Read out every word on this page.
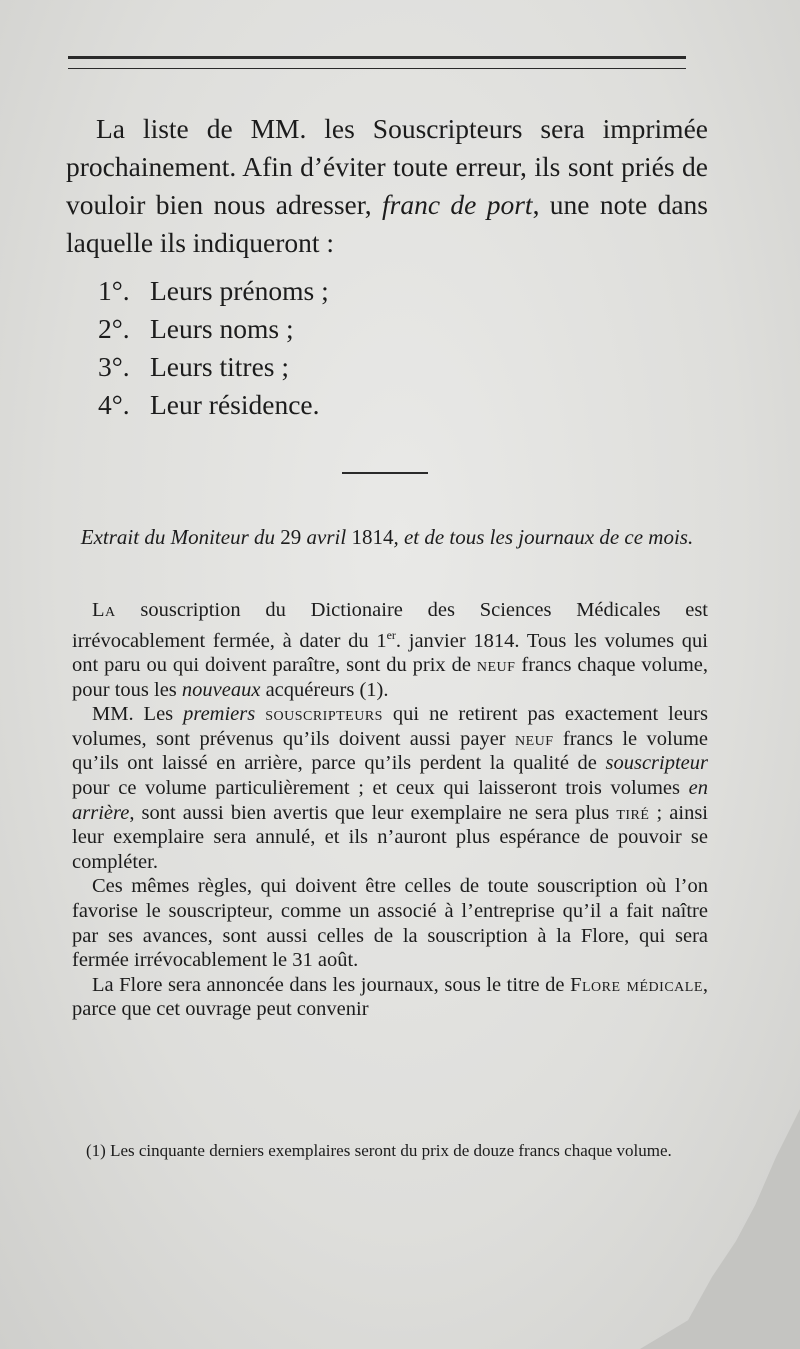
La liste de MM. les Souscripteurs sera imprimée prochainement. Afin d’éviter toute erreur, ils sont priés de vouloir bien nous adresser, franc de port, une note dans laquelle ils indiqueront :

1°. Leurs prénoms ;
2°. Leurs noms ;
3°. Leurs titres ;
4°. Leur résidence.
Extrait du Moniteur du 29 avril 1814, et de tous les journaux de ce mois.

La souscription du Dictionaire des Sciences Médicales est irrévocablement fermée, à dater du 1er. janvier 1814. Tous les volumes qui ont paru ou qui doivent paraître, sont du prix de neuf francs chaque volume, pour tous les nouveaux acquéreurs (1).

MM. Les premiers souscripteurs qui ne retirent pas exactement leurs volumes, sont prévenus qu’ils doivent aussi payer neuf francs le volume qu’ils ont laissé en arrière, parce qu’ils perdent la qualité de souscripteur pour ce volume particulièrement ; et ceux qui laisseront trois volumes en arrière, sont aussi bien avertis que leur exemplaire ne sera plus tiré ; ainsi leur exemplaire sera annulé, et ils n’auront plus espérance de pouvoir se compléter.

Ces mêmes règles, qui doivent être celles de toute souscription où l’on favorise le souscripteur, comme un associé à l’entreprise qu’il a fait naître par ses avances, sont aussi celles de la souscription à la Flore, qui sera fermée irrévocablement le 31 août.

La Flore sera annoncée dans les journaux, sous le titre de Flore médicale, parce que cet ouvrage peut convenir

(1) Les cinquante derniers exemplaires seront du prix de douze francs chaque volume.
